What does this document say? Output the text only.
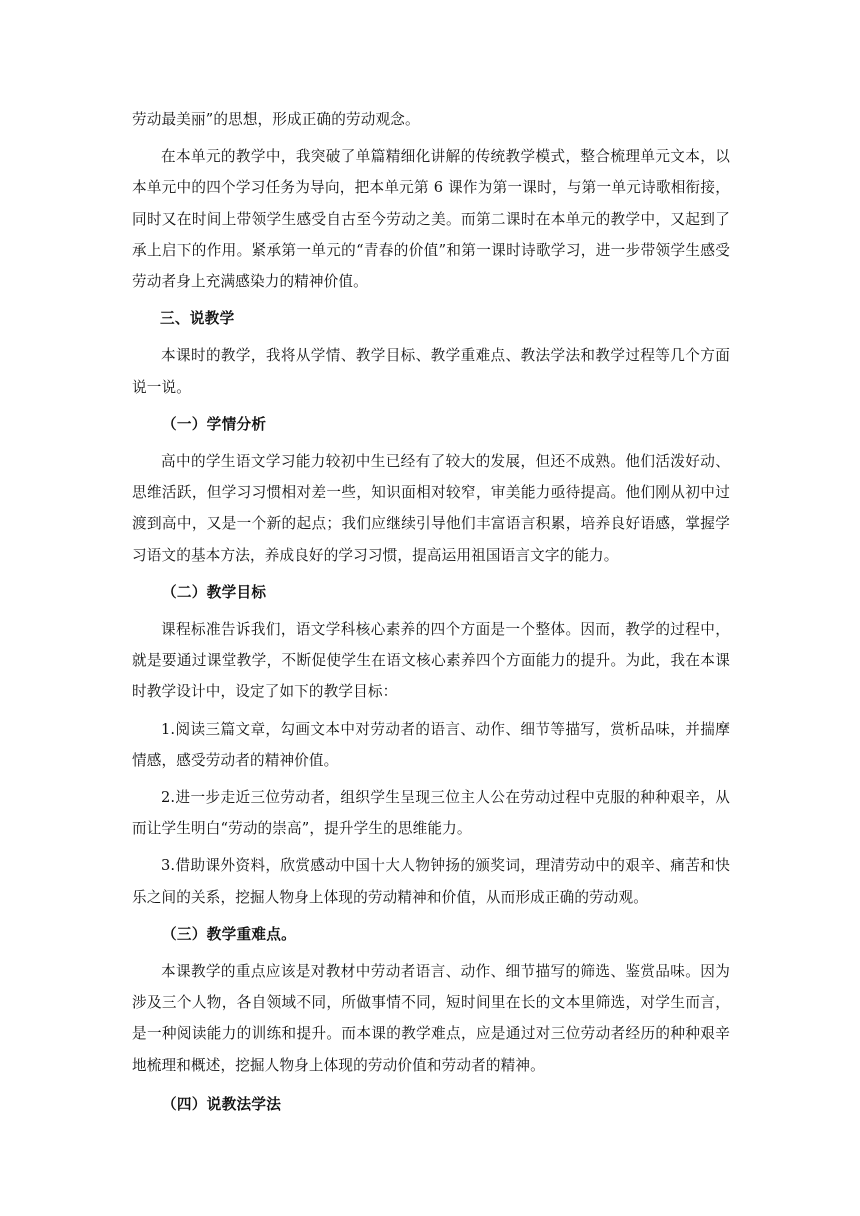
劳动最美丽”的思想，形成正确的劳动观念。

在本单元的教学中，我突破了单篇精细化讲解的传统教学模式，整合梳理单元文本，以本单元中的四个学习任务为导向，把本单元第 6 课作为第一课时，与第一单元诗歌相衔接，同时又在时间上带领学生感受自古至今劳动之美。而第二课时在本单元的教学中，又起到了承上启下的作用。紧承第一单元的“青春的价值”和第一课时诗歌学习，进一步带领学生感受劳动者身上充满感染力的精神价值。

三、说教学

本课时的教学，我将从学情、教学目标、教学重难点、教法学法和教学过程等几个方面说一说。

（一）学情分析

高中的学生语文学习能力较初中生已经有了较大的发展，但还不成熟。他们活泼好动、思维活跃，但学习习惯相对差一些，知识面相对较窄，审美能力亟待提高。他们刚从初中过渡到高中，又是一个新的起点；我们应继续引导他们丰富语言积累，培养良好语感，掌握学习语文的基本方法，养成良好的学习习惯，提高运用祖国语言文字的能力。

（二）教学目标

课程标准告诉我们，语文学科核心素养的四个方面是一个整体。因而，教学的过程中，就是要通过课堂教学，不断促使学生在语文核心素养四个方面能力的提升。为此，我在本课时教学设计中，设定了如下的教学目标：

1.阅读三篇文章，勾画文本中对劳动者的语言、动作、细节等描写，赏析品味，并揣摩情感，感受劳动者的精神价值。

2.进一步走近三位劳动者，组织学生呈现三位主人公在劳动过程中克服的种种艰辛，从而让学生明白“劳动的崇高”，提升学生的思维能力。

3.借助课外资料，欣赏感动中国十大人物钟扬的颁奖词，理清劳动中的艰辛、痛苦和快乐之间的关系，挖掘人物身上体现的劳动精神和价值，从而形成正确的劳动观。

（三）教学重难点。

本课教学的重点应该是对教材中劳动者语言、动作、细节描写的筛选、鉴赏品味。因为涉及三个人物，各自领域不同，所做事情不同，短时间里在长的文本里筛选，对学生而言，是一种阅读能力的训练和提升。而本课的教学难点，应是通过对三位劳动者经历的种种艰辛地梳理和概述，挖掘人物身上体现的劳动价值和劳动者的精神。

（四）说教法学法
